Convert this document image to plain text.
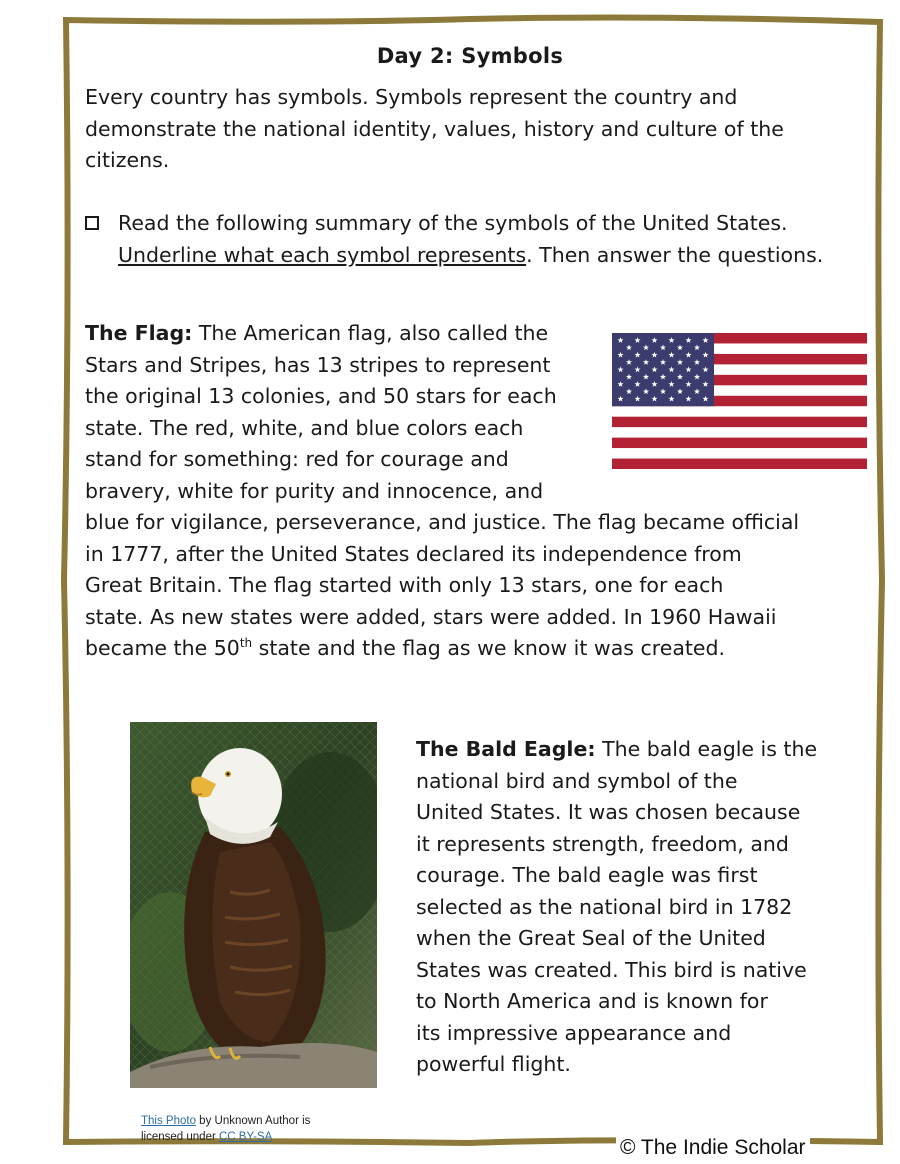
Day 2: Symbols
Every country has symbols. Symbols represent the country and demonstrate the national identity, values, history and culture of the citizens.
Read the following summary of the symbols of the United States. Underline what each symbol represents. Then answer the questions.
The Flag: The American flag, also called the
Stars and Stripes, has 13 stripes to represent
the original 13 colonies, and 50 stars for each
state. The red, white, and blue colors each
stand for something: red for courage and
bravery, white for purity and innocence, and
blue for vigilance, perseverance, and justice. The flag became official
in 1777, after the United States declared its independence from
Great Britain. The flag started with only 13 stars, one for each
state. As new states were added, stars were added. In 1960 Hawaii
became the 50th state and the flag as we know it was created.
The Bald Eagle: The bald eagle is the
national bird and symbol of the
United States. It was chosen because
it represents strength, freedom, and
courage. The bald eagle was first
selected as the national bird in 1782
when the Great Seal of the United
States was created. This bird is native
to North America and is known for
its impressive appearance and
powerful flight.
This Photo by Unknown Author is licensed under CC BY-SA	© The Indie Scholar
